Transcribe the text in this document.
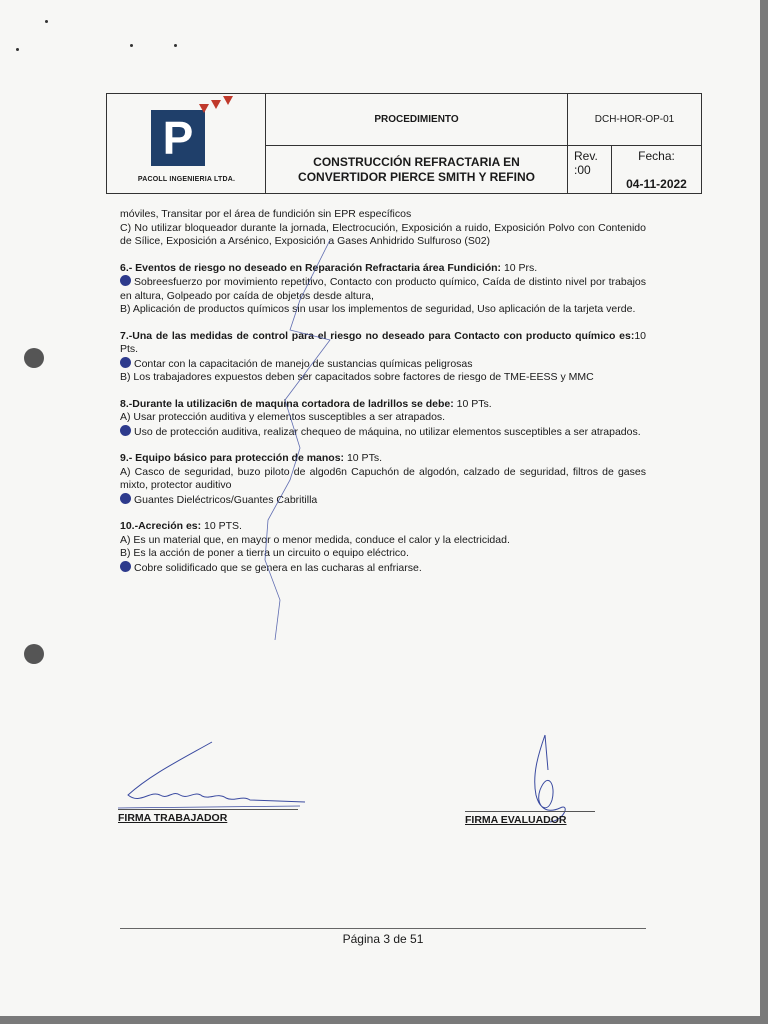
P
PACOLL INGENIERIA LTDA.
PROCEDIMIENTO	DCH-HOR-OP-01
CONSTRUCCIÓN REFRACTARIA EN
CONVERTIDOR PIERCE SMITH Y REFINO
Rev.
:00
Fecha:
04-11-2022

móviles, Transitar por el área de fundición sin EPR específicos

C) No utilizar bloqueador durante la jornada, Electrocución, Exposición a ruido, Exposición Polvo con Contenido de Sílice, Exposición a Arsénico, Exposición a Gases Anhidrido Sulfuroso (S02)

6.- Eventos de riesgo no deseado en Reparación Refractaria área Fundición: 10 Prs.

Sobreesfuerzo por movimiento repetitivo, Contacto con producto químico, Caída de distinto nivel por trabajos en altura, Golpeado por caída de objetos desde altura,

B) Aplicación de productos químicos sin usar los implementos de seguridad, Uso aplicación de la tarjeta verde.

7.-Una de las medidas de control para el riesgo no deseado para Contacto con producto químico es:10 Pts.

Contar con la capacitación de manejo de sustancias químicas peligrosas

B) Los trabajadores expuestos deben ser capacitados sobre factores de riesgo de TME-EESS y MMC

8.-Durante la utilizaci6n de maquina cortadora de ladrillos se debe: 10 PTs.

A) Usar protección auditiva y elementos susceptibles a ser atrapados.

Uso de protección auditiva, realizar chequeo de máquina, no utilizar elementos susceptibles a ser atrapados.

9.- Equipo básico para protección de manos: 10 PTs.

A) Casco de seguridad, buzo piloto de algod6n Capuchón de algodón, calzado de seguridad, filtros de gases mixto, protector auditivo

Guantes Dieléctricos/Guantes Cabritilla

10.-Acreción es: 10 PTS.

A) Es un material que, en mayor o menor medida, conduce el calor y la electricidad.

B) Es la acción de poner a tierra un circuito o equipo eléctrico.

Cobre solidificado que se genera en las cucharas al enfriarse.

FIRMA TRABAJADOR	FIRMA EVALUADOR
Página 3 de 51
